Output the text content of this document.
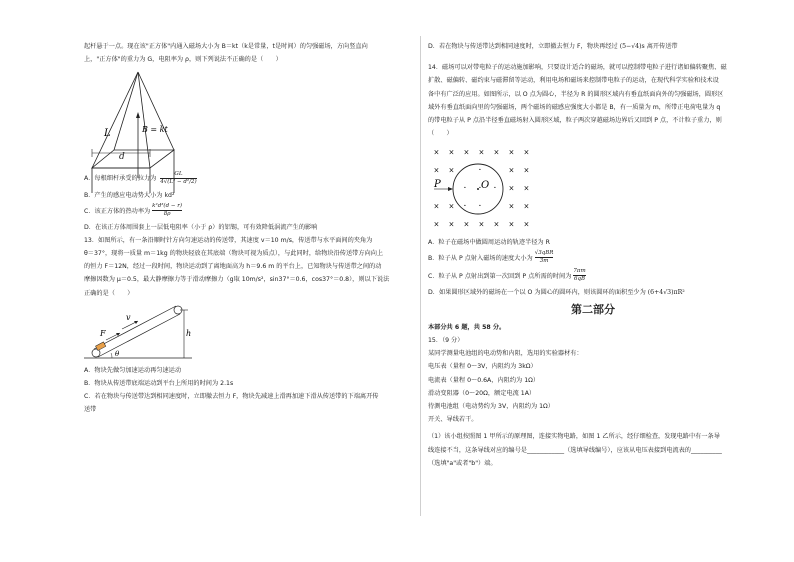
起杆悬于一点。现在该"正方体"内通入磁场大小为 B＝kt（k是常量，t是时间）的匀强磁场，方向竖直向

上，"正方体"的重力为 G，电阻率为 ρ，则下列说法不正确的是（　　）

L	B = kt
d

A．每根细杆承受的拉力为 $\frac{GL}{\text{4√(L² − d²/2)}}$

B．产生的感应电动势大小为 kd²

C．该正方体的热功率为 $\frac{\text{k²d³(d − r)}}{8\rho}$

D．在该正方体周围套上一层低电阻率（小于 ρ）的铝锡，可有效降低涡流产生的影响

13．如图所示，有一条沿顺时针方向匀速运动的传送带，其速度 v＝10 m/s，传送带与水平面间的夹角为

θ＝37°，现将一质量 m＝1kg 的物块轻放在其底端（物块可视为质点），与此同时，给物块沿传送带方向向上

的恒力 F＝12N，经过一段时间，物块运动到了离地面高为 h＝9.6 m 的平台上，已知物块与传送带之间的动

摩擦因数为 μ＝0.5，最大静摩擦力等于滑动摩擦力（g取 10m/s²，sin37°＝0.6，cos37°＝0.8），则以下说法

正确的是（　　）

F
v
θ
h

A．物块先做匀加速运动再匀速运动

B．物块从传送带底端运动到平台上所用的时间为 2.1s

C．若在物块与传送带达到相同速度时，立即撤去恒力 F，物块先减速上滑再加速下滑从传送带的下端离开传

送带

D．若在物块与传送带达到相同速度时，立即撤去恒力 F，物块再经过 (5−√4)s 离开传送带

14．磁场可以对带电粒子的运动施加影响，只要设计适合的磁场，就可以控制带电粒子进行诸如偏转聚焦、磁

扩散、磁偏转、磁约束与磁滞留等运动，利用电场和磁场来控制带电粒子的运动，在现代科学实验和技术设

备中有广泛的应用。如图所示，以 O 点为圆心，半径为 R 的圆形区域内有垂直纸面向外的匀强磁场，圆形区

域外有垂直纸面向里的匀强磁场，两个磁场的磁感应强度大小都是 B，有一质量为 m，所带正电荷电量为 q

的带电粒子从 P 点沿半径垂直磁场射入圆形区域，粒子两次穿越磁场边界后又回到 P 点，不计粒子重力，则

（　　）

O
P
× × × × × × ×
× ×	·	× ×
· · · × ×
× × · ·	× ×
× × × × × × ×

A．粒子在磁场中做圆周运动的轨迹半径为 R

B．粒子从 P 点射入磁场的速度大小为
√3qBR
3m

C．粒子从 P 点射出到第一次回到 P 点所需的时间为 $\frac{7\pi m}{6qB}$

D．如果圆形区域外的磁场在一个以 O 为圆心的圆环内，则该圆环的面积至少为 (6+4√3)πR²

第二部分

本部分共 6 题，共 58 分。

15．（9 分）

某同学测量电池组的电动势和内阻，选用的实验器材有：

电压表（量程 0～3V，内阻约为 3kΩ）

电流表（量程 0～0.6A，内阻约为 1Ω）

滑动变阻器（0～20Ω，额定电流 1A）

待测电池组（电动势约为 3V，内阻约为 1Ω）

开关、导线若干。

（1）该小组按照图 1 甲所示的原理图，连接实物电路，如图 1 乙所示，经仔细检查，发现电路中有一条导

线连接不当，这条导线对应的编号是____________（选填导线编号），应该从电压表接到电流表的__________

（选填"a"或者"b"）端。
